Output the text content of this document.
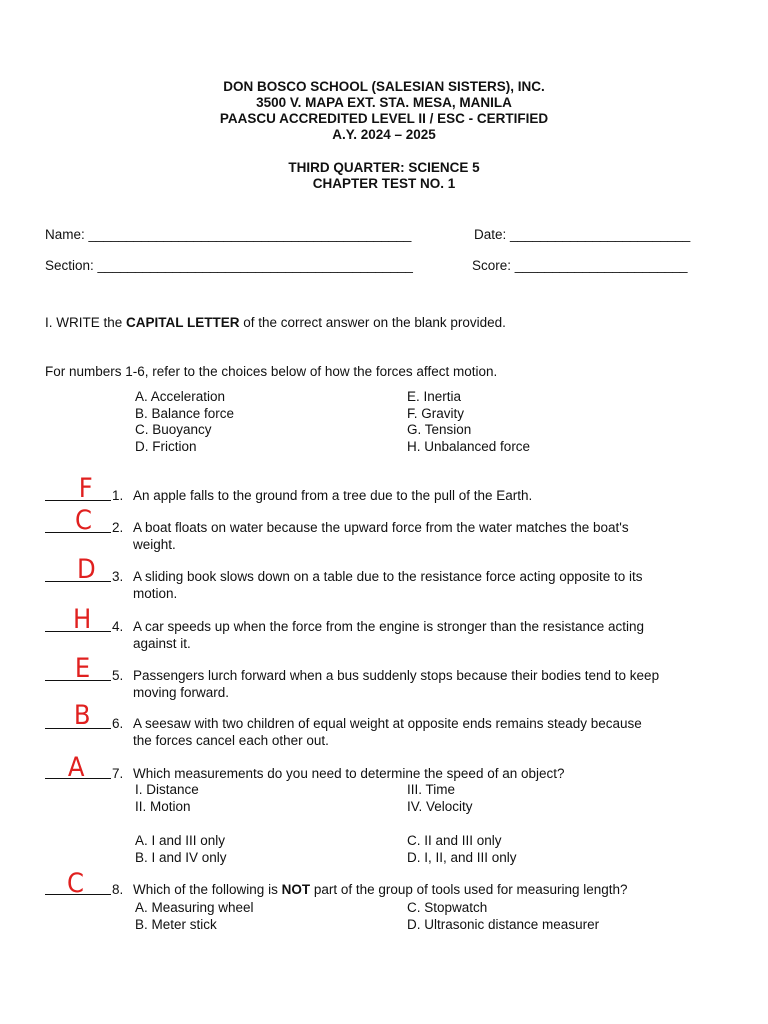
DON BOSCO SCHOOL (SALESIAN SISTERS), INC.
3500 V. MAPA EXT. STA. MESA, MANILA
PAASCU ACCREDITED LEVEL II / ESC - CERTIFIED
A.Y. 2024 – 2025
THIRD QUARTER: SCIENCE 5
CHAPTER TEST NO. 1
Name: ___________________________________________	Date: ________________________
Section: __________________________________________	Score: _______________________
I. WRITE the CAPITAL LETTER of the correct answer on the blank provided.
For numbers 1-6, refer to the choices below of how the forces affect motion.
A. Acceleration
B. Balance force
C. Buoyancy
D. Friction
E. Inertia
F. Gravity
G. Tension
H. Unbalanced force
F 1. An apple falls to the ground from a tree due to the pull of the Earth.
C 2. A boat floats on water because the upward force from the water matches the boat's
weight.
D 3. A sliding book slows down on a table due to the resistance force acting opposite to its
motion.
H 4. A car speeds up when the force from the engine is stronger than the resistance acting
against it.
E 5. Passengers lurch forward when a bus suddenly stops because their bodies tend to keep
moving forward.
B 6. A seesaw with two children of equal weight at opposite ends remains steady because
the forces cancel each other out.
A 7. Which measurements do you need to determine the speed of an object?
I. Distance
II. Motion
III. Time
IV. Velocity
A. I and III only
B. I and IV only
C. II and III only
D. I, II, and III only
C 8. Which of the following is NOT part of the group of tools used for measuring length?
A. Measuring wheel
B. Meter stick
C. Stopwatch
D. Ultrasonic distance measurer
